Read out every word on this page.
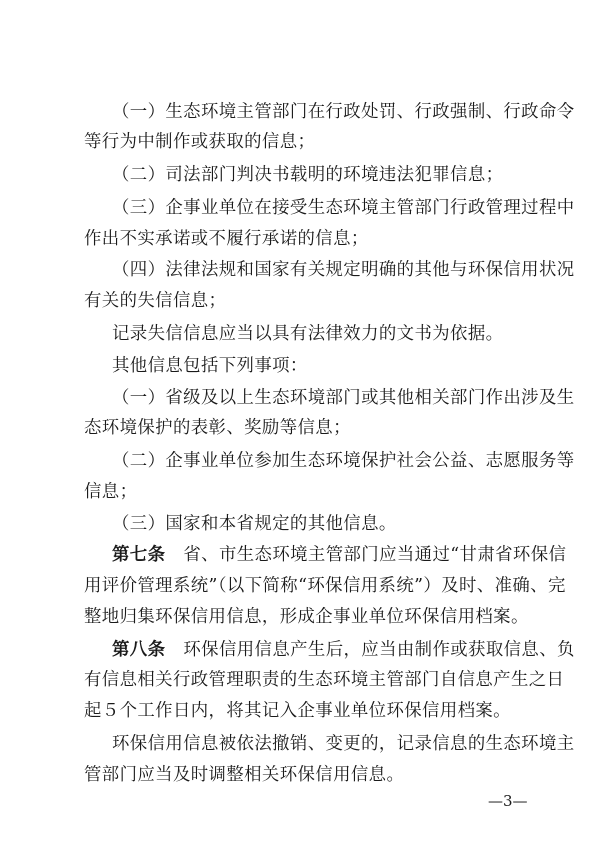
（一）生态环境主管部门在行政处罚、行政强制、行政命令
等行为中制作或获取的信息；
（二）司法部门判决书载明的环境违法犯罪信息；
（三）企事业单位在接受生态环境主管部门行政管理过程中
作出不实承诺或不履行承诺的信息；
（四）法律法规和国家有关规定明确的其他与环保信用状况
有关的失信信息；
记录失信信息应当以具有法律效力的文书为依据。
其他信息包括下列事项：
（一）省级及以上生态环境部门或其他相关部门作出涉及生
态环境保护的表彰、奖励等信息；
（二）企事业单位参加生态环境保护社会公益、志愿服务等
信息；
（三）国家和本省规定的其他信息。
第七条 省、市生态环境主管部门应当通过“甘肃省环保信
用评价管理系统”（以下简称“环保信用系统”）及时、准确、完
整地归集环保信用信息，形成企事业单位环保信用档案。
第八条 环保信用信息产生后，应当由制作或获取信息、负
有信息相关行政管理职责的生态环境主管部门自信息产生之日
起５个工作日内，将其记入企事业单位环保信用档案。
环保信用信息被依法撤销、变更的，记录信息的生态环境主
管部门应当及时调整相关环保信用信息。
—3—
